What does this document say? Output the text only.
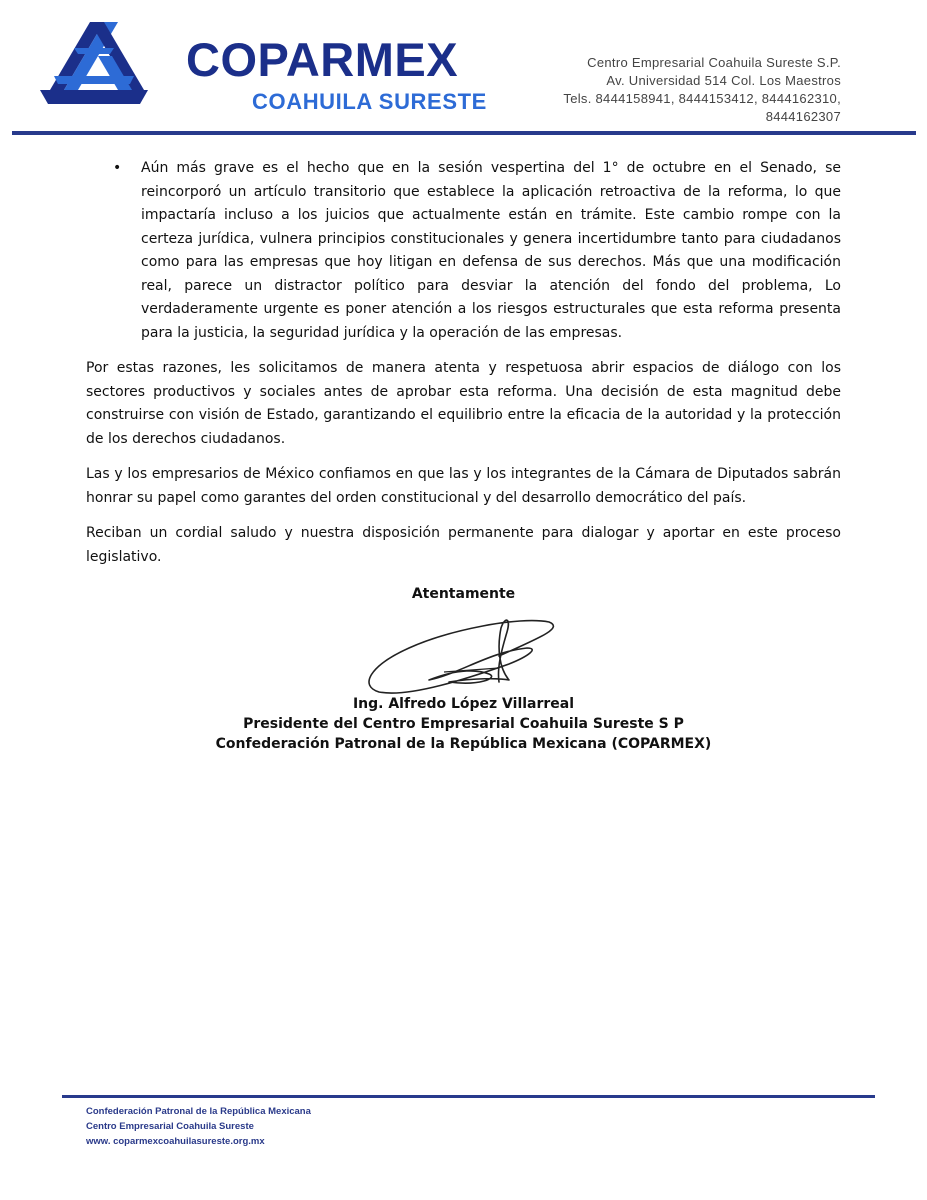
COPARMEX
COAHUILA SURESTE
Centro Empresarial Coahuila Sureste S.P.
Av. Universidad 514 Col. Los Maestros
Tels. 8444158941, 8444153412, 8444162310,
8444162307
• Aún más grave es el hecho que en la sesión vespertina del 1° de octubre en el Senado, se reincorporó un artículo transitorio que establece la aplicación retroactiva de la reforma, lo que impactaría incluso a los juicios que actualmente están en trámite. Este cambio rompe con la certeza jurídica, vulnera principios constitucionales y genera incertidumbre tanto para ciudadanos como para las empresas que hoy litigan en defensa de sus derechos. Más que una modificación real, parece un distractor político para desviar la atención del fondo del problema, Lo verdaderamente urgente es poner atención a los riesgos estructurales que esta reforma presenta para la justicia, la seguridad jurídica y la operación de las empresas.

Por estas razones, les solicitamos de manera atenta y respetuosa abrir espacios de diálogo con los sectores productivos y sociales antes de aprobar esta reforma. Una decisión de esta magnitud debe construirse con visión de Estado, garantizando el equilibrio entre la eficacia de la autoridad y la protección de los derechos ciudadanos.

Las y los empresarios de México confiamos en que las y los integrantes de la Cámara de Diputados sabrán honrar su papel como garantes del orden constitucional y del desarrollo democrático del país.

Reciban un cordial saludo y nuestra disposición permanente para dialogar y aportar en este proceso legislativo.

Atentamente

Ing. Alfredo López Villarreal
Presidente del Centro Empresarial Coahuila Sureste S P
Confederación Patronal de la República Mexicana (COPARMEX)
Confederación Patronal de la República Mexicana
Centro Empresarial Coahuila Sureste
www. coparmexcoahuilasureste.org.mx
